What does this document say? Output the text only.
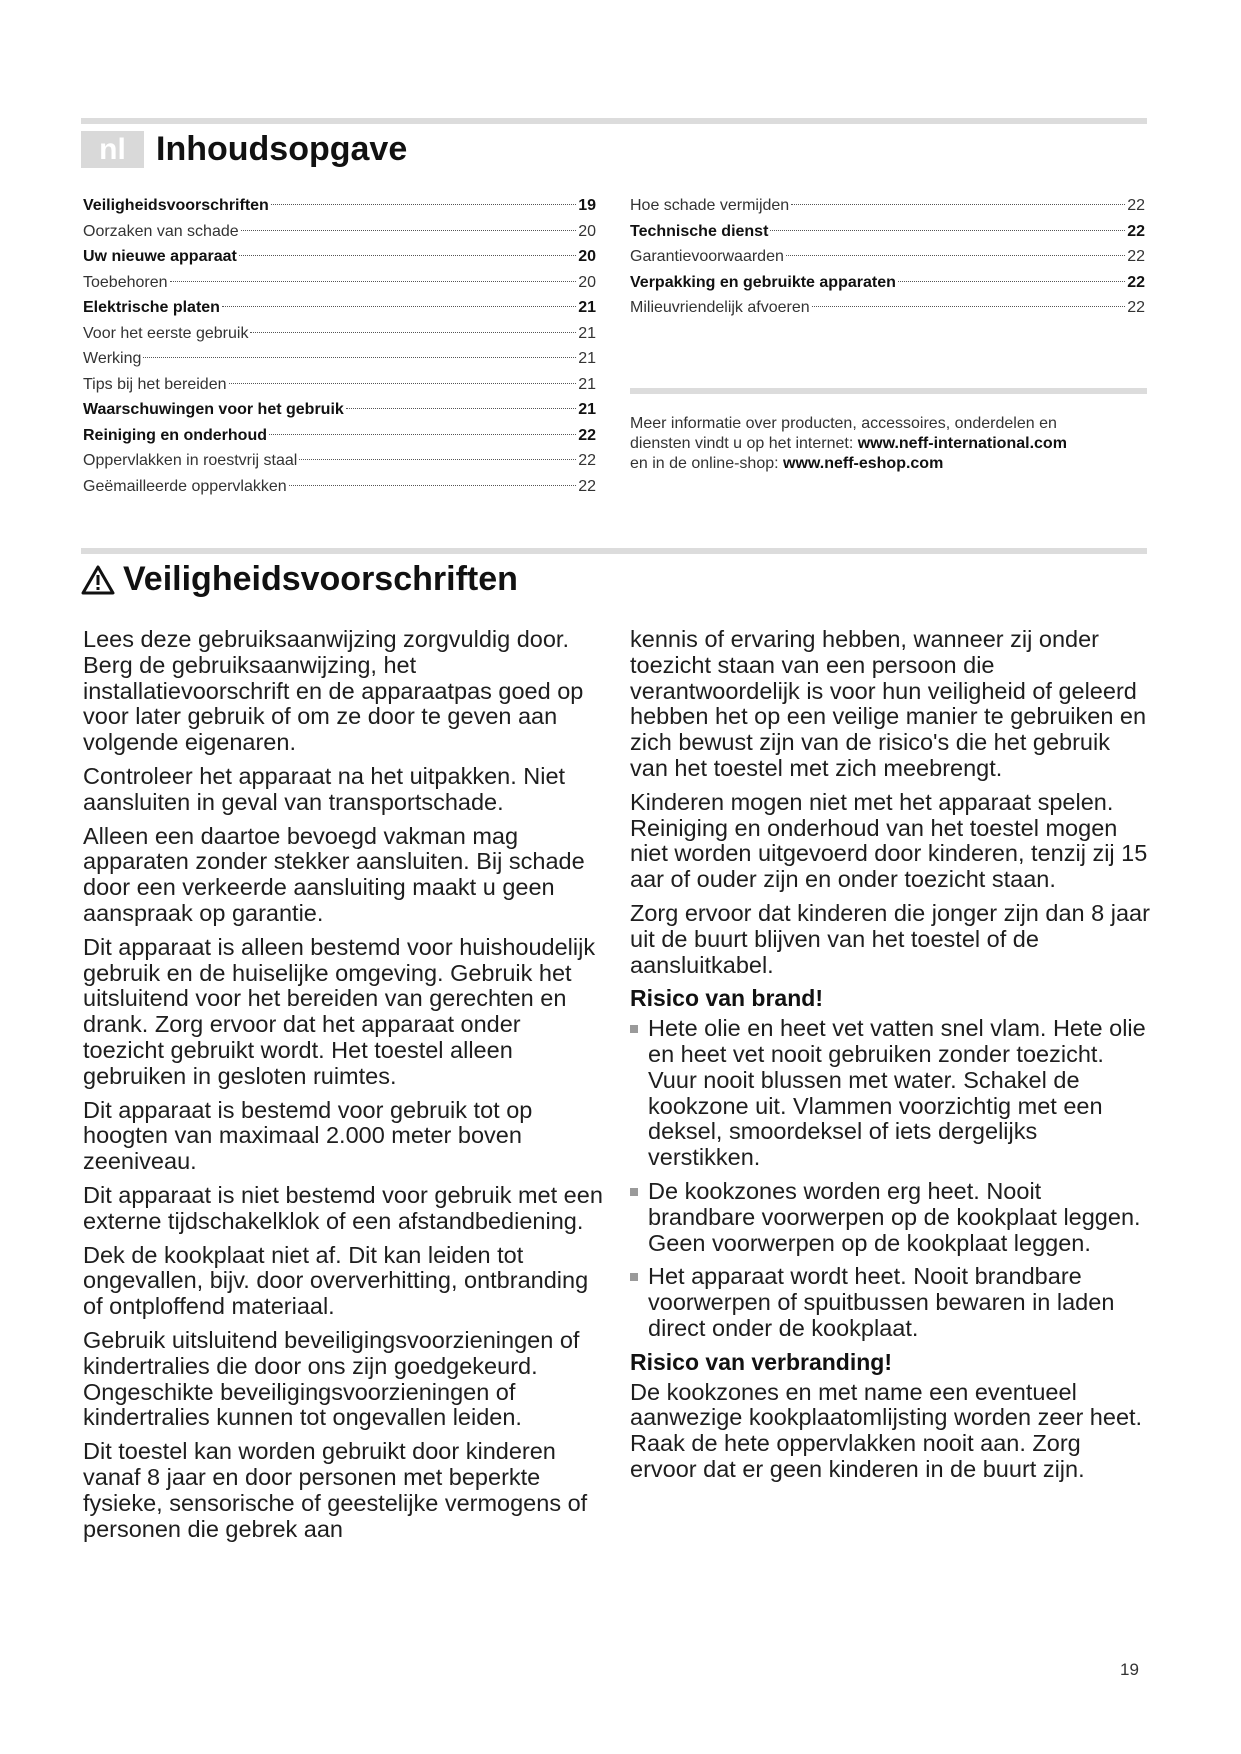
nl Inhoudsopgave
Veiligheidsvoorschriften	19
Oorzaken van schade	20
Uw nieuwe apparaat	20
Toebehoren	20
Elektrische platen	21
Voor het eerste gebruik	21
Werking	21
Tips bij het bereiden	21
Waarschuwingen voor het gebruik	21
Reiniging en onderhoud	22
Oppervlakken in roestvrij staal	22
Geëmailleerde oppervlakken	22
Hoe schade vermijden	22
Technische dienst	22
Garantievoorwaarden	22
Verpakking en gebruikte apparaten	22
Milieuvriendelijk afvoeren	22
Meer informatie over producten, accessoires, onderdelen en
diensten vindt u op het internet: www.neff-international.com
en in de online-shop: www.neff-eshop.com
Veiligheidsvoorschriften

Lees deze gebruiksaanwijzing zorgvuldig door. Berg de gebruiksaanwijzing, het installatievoorschrift en de apparaatpas goed op voor later gebruik of om ze door te geven aan volgende eigenaren.

Controleer het apparaat na het uitpakken. Niet aansluiten in geval van transportschade.

Alleen een daartoe bevoegd vakman mag apparaten zonder stekker aansluiten. Bij schade door een verkeerde aansluiting maakt u geen aanspraak op garantie.

Dit apparaat is alleen bestemd voor huishoudelijk gebruik en de huiselijke omgeving. Gebruik het uitsluitend voor het bereiden van gerechten en drank. Zorg ervoor dat het apparaat onder toezicht gebruikt wordt. Het toestel alleen gebruiken in gesloten ruimtes.

Dit apparaat is bestemd voor gebruik tot op hoogten van maximaal 2.000 meter boven zeeniveau.

Dit apparaat is niet bestemd voor gebruik met een externe tijdschakelklok of een afstandbediening.

Dek de kookplaat niet af. Dit kan leiden tot ongevallen, bijv. door oververhitting, ontbranding of ontploffend materiaal.

Gebruik uitsluitend beveiligingsvoorzieningen of kindertralies die door ons zijn goedgekeurd. Ongeschikte beveiligingsvoorzieningen of kindertralies kunnen tot ongevallen leiden.

Dit toestel kan worden gebruikt door kinderen vanaf 8 jaar en door personen met beperkte fysieke, sensorische of geestelijke vermogens of personen die gebrek aan

kennis of ervaring hebben, wanneer zij onder toezicht staan van een persoon die verantwoordelijk is voor hun veiligheid of geleerd hebben het op een veilige manier te gebruiken en zich bewust zijn van de risico's die het gebruik van het toestel met zich meebrengt.

Kinderen mogen niet met het apparaat spelen. Reiniging en onderhoud van het toestel mogen niet worden uitgevoerd door kinderen, tenzij zij 15 aar of ouder zijn en onder toezicht staan.

Zorg ervoor dat kinderen die jonger zijn dan 8 jaar uit de buurt blijven van het toestel of de aansluitkabel.

Risico van brand!
Hete olie en heet vet vatten snel vlam. Hete olie en heet vet nooit gebruiken zonder toezicht. Vuur nooit blussen met water. Schakel de kookzone uit. Vlammen voorzichtig met een deksel, smoordeksel of iets dergelijks verstikken.
De kookzones worden erg heet. Nooit brandbare voorwerpen op de kookplaat leggen. Geen voorwerpen op de kookplaat leggen.
Het apparaat wordt heet. Nooit brandbare voorwerpen of spuitbussen bewaren in laden direct onder de kookplaat.
Risico van verbranding!

De kookzones en met name een eventueel aanwezige kookplaatomlijsting worden zeer heet. Raak de hete oppervlakken nooit aan. Zorg ervoor dat er geen kinderen in de buurt zijn.

19
